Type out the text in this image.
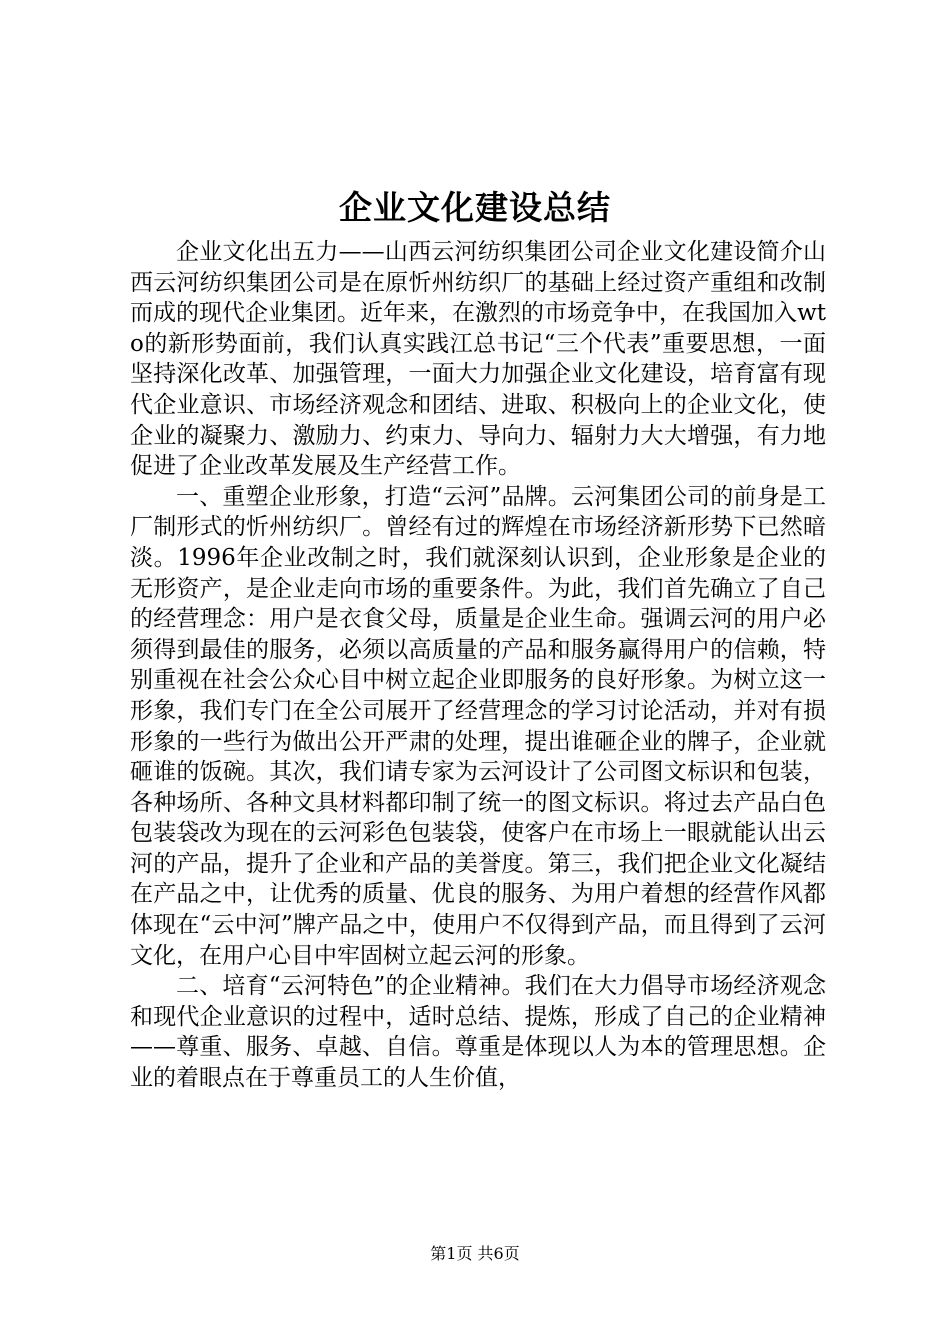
企业文化建设总结

企业文化出五力——山西云河纺织集团公司企业文化建设简介山西云河纺织集团公司是在原忻州纺织厂的基础上经过资产重组和改制而成的现代企业集团。近年来，在激烈的市场竞争中，在我国加入wto的新形势面前，我们认真实践江总书记“三个代表”重要思想，一面坚持深化改革、加强管理，一面大力加强企业文化建设，培育富有现代企业意识、市场经济观念和团结、进取、积极向上的企业文化，使企业的凝聚力、激励力、约束力、导向力、辐射力大大增强，有力地促进了企业改革发展及生产经营工作。

一、重塑企业形象，打造“云河”品牌。云河集团公司的前身是工厂制形式的忻州纺织厂。曾经有过的辉煌在市场经济新形势下已然暗淡。1996年企业改制之时，我们就深刻认识到，企业形象是企业的无形资产，是企业走向市场的重要条件。为此，我们首先确立了自己的经营理念：用户是衣食父母，质量是企业生命。强调云河的用户必须得到最佳的服务，必须以高质量的产品和服务赢得用户的信赖，特别重视在社会公众心目中树立起企业即服务的良好形象。为树立这一形象，我们专门在全公司展开了经营理念的学习讨论活动，并对有损形象的一些行为做出公开严肃的处理，提出谁砸企业的牌子，企业就砸谁的饭碗。其次，我们请专家为云河设计了公司图文标识和包装，各种场所、各种文具材料都印制了统一的图文标识。将过去产品白色包装袋改为现在的云河彩色包装袋，使客户在市场上一眼就能认出云河的产品，提升了企业和产品的美誉度。第三，我们把企业文化凝结在产品之中，让优秀的质量、优良的服务、为用户着想的经营作风都体现在“云中河”牌产品之中，使用户不仅得到产品，而且得到了云河文化，在用户心目中牢固树立起云河的形象。

二、培育“云河特色”的企业精神。我们在大力倡导市场经济观念和现代企业意识的过程中，适时总结、提炼，形成了自己的企业精神——尊重、服务、卓越、自信。尊重是体现以人为本的管理思想。企业的着眼点在于尊重员工的人生价值，

第1页 共6页
